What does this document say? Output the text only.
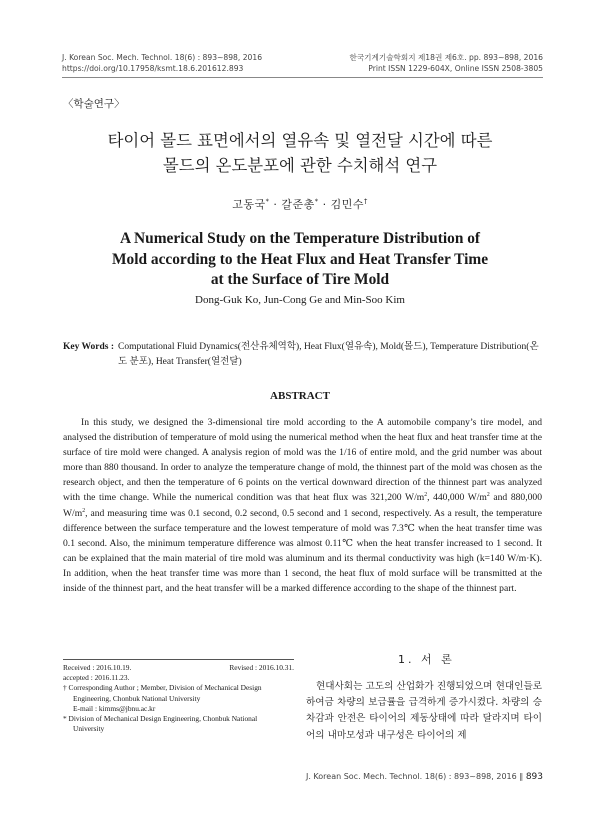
J. Korean Soc. Mech. Technol. 18(6) : 893~898, 2016
https://doi.org/10.17958/ksmt.18.6.201612.893
한국기계기술학회지 제18권 제6호. pp. 893~898, 2016
Print ISSN 1229-604X, Online ISSN 2508-3805
〈학술연구〉
타이어 몰드 표면에서의 열유속 및 열전달 시간에 따른
몰드의 온도분포에 관한 수치해석 연구
고동국* · 갈준총* · 김민수†
A Numerical Study on the Temperature Distribution of
Mold according to the Heat Flux and Heat Transfer Time
at the Surface of Tire Mold
Dong-Guk Ko, Jun-Cong Ge and Min-Soo Kim
Key Words : Computational Fluid Dynamics(전산유체역학), Heat Flux(열유속), Mold(몰드), Temperature Distribution(온도 분포), Heat Transfer(열전달)
ABSTRACT

In this study, we designed the 3-dimensional tire mold according to the A automobile company’s tire model, and analysed the distribution of temperature of mold using the numerical method when the heat flux and heat transfer time at the surface of tire mold were changed. A analysis region of mold was the 1/16 of entire mold, and the grid number was about more than 880 thousand. In order to analyze the temperature change of mold, the thinnest part of the mold was chosen as the research object, and then the temperature of 6 points on the vertical downward direction of the thinnest part was analyzed with the time change. While the numerical condition was that heat flux was 321,200 $W/m^2$, 440,000 $W/m^2$ and 880,000 $W/m^2$, and measuring time was 0.1 second, 0.2 second, 0.5 second and 1 second, respectively. As a result, the temperature difference between the surface temperature and the lowest temperature of mold was 7.3℃ when the heat transfer time was 0.1 second. Also, the minimum temperature difference was almost 0.11℃ when the heat transfer increased to 1 second. It can be explained that the main material of tire mold was aluminum and its thermal conductivity was high (k=140 W/m·K). In addition, when the heat transfer time was more than 1 second, the heat flux of mold surface will be transmitted at the inside of the thinnest part, and the heat transfer will be a marked difference according to the shape of the thinnest part.

Received : 2016.10.19.	Revised : 2016.10.31.
accepted : 2016.11.23.
† Corresponding Author ; Member, Division of Mechanical Design
Engineering, Chonbuk National University
E-mail : kimms@jbnu.ac.kr
* Division of Mechanical Design Engineering, Chonbuk National
University
1. 서 론

현대사회는 고도의 산업화가 진행되었으며 현대인들로 하여금 차량의 보급률을 급격하게 증가시켰다. 차량의 승차감과 안전은 타이어의 제동상태에 따라 달라지며 타이어의 내마모성과 내구성은 타이어의 제

J. Korean Soc. Mech. Technol. 18(6) : 893~898, 2016 ∥ 893
